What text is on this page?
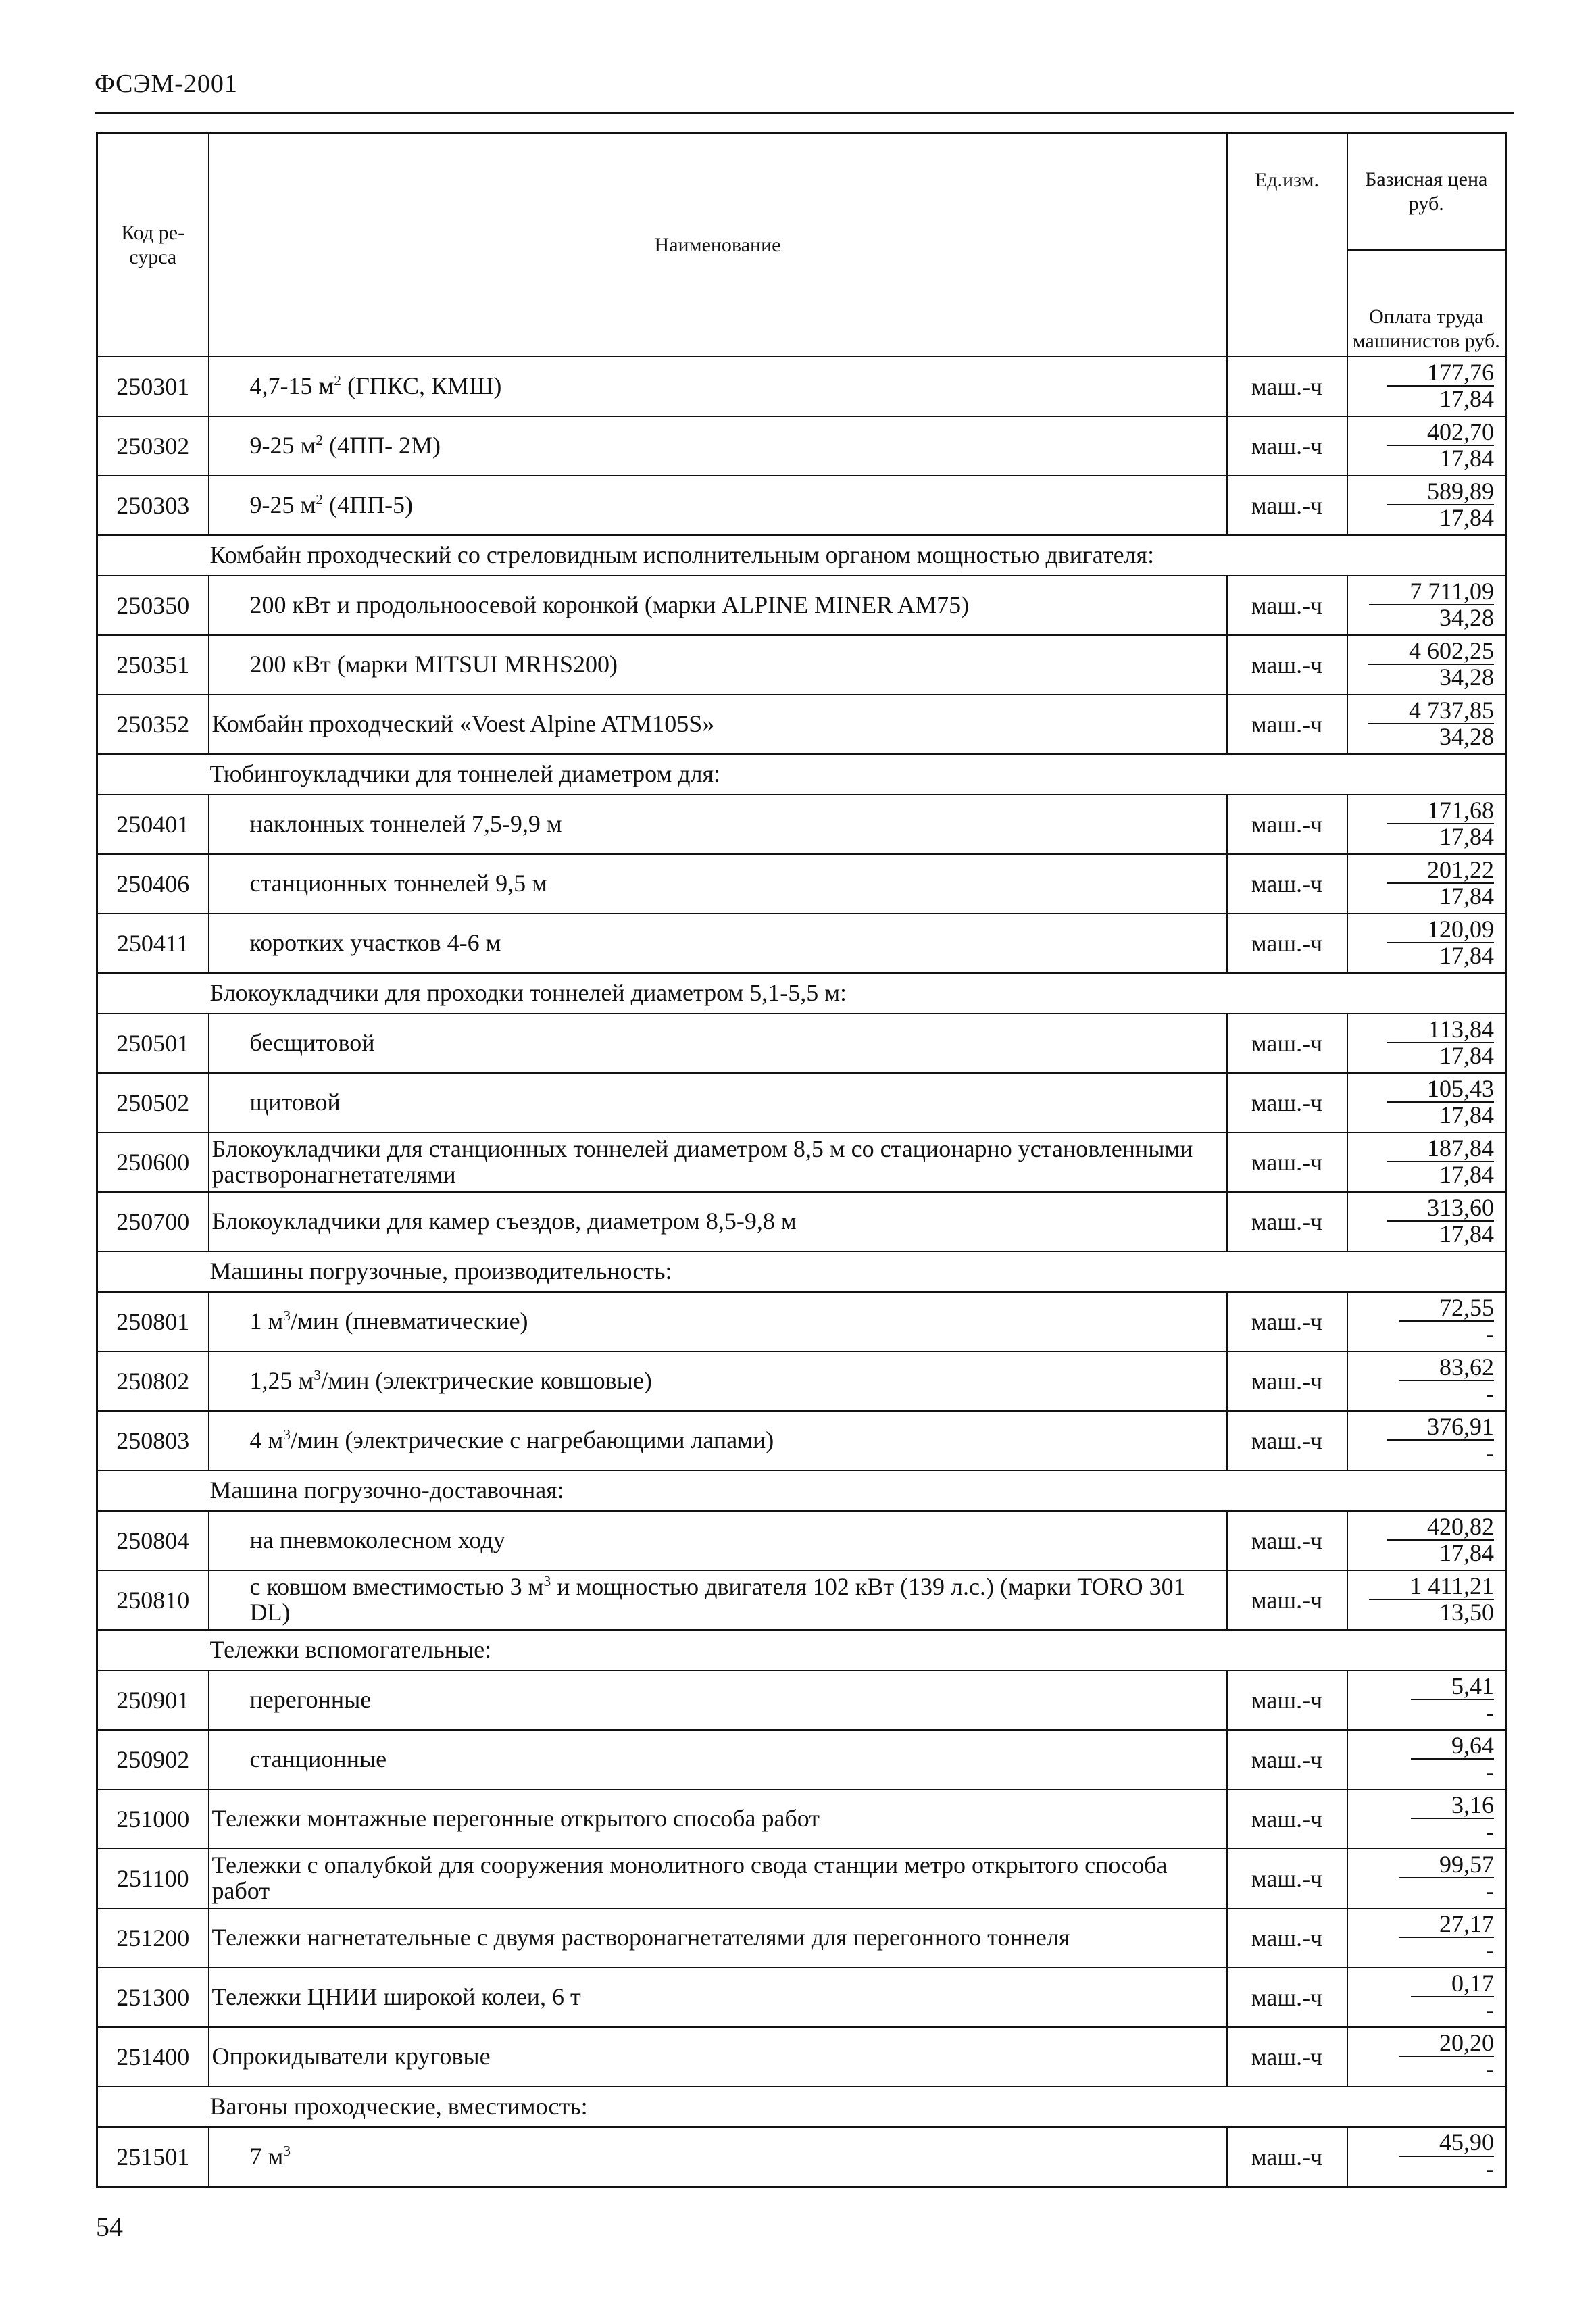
ФСЭМ-2001
Код ре-сурса	Наименование	Ед.изм.	Базисная цена руб.
Оплата труда машинистов руб.

250301	4,7-15 $м^2$ (ГПКС, КМШ)	маш.-ч	$\frac{177,76}{17,84}$

250302	9-25 $м^2$ (4ПП- 2М)	маш.-ч	$\frac{402,70}{17,84}$

250303	9-25 $м^2$ (4ПП-5)	маш.-ч	$\frac{589,89}{17,84}$

	Комбайн проходческий со стреловидным исполнительным органом мощностью двигателя:		
250350	200 кВт и продольноосевой коронкой (марки ALPINE MINER AM75)	маш.-ч	$\frac{7 711,09}{34,28}$

250351	200 кВт (марки MITSUI MRHS200)	маш.-ч	$\frac{4 602,25}{34,28}$

250352	Комбайн проходческий «Voest Alpine ATM105S»	маш.-ч	$\frac{4 737,85}{34,28}$

	Тюбингоукладчики для тоннелей диаметром для:		
250401	наклонных тоннелей 7,5-9,9 м	маш.-ч	$\frac{171,68}{17,84}$

250406	станционных тоннелей 9,5 м	маш.-ч	$\frac{201,22}{17,84}$

250411	коротких участков 4-6 м	маш.-ч	$\frac{120,09}{17,84}$

	Блокоукладчики для проходки тоннелей диаметром 5,1-5,5 м:		
250501	бесщитовой	маш.-ч	$\frac{113,84}{17,84}$

250502	щитовой	маш.-ч	$\frac{105,43}{17,84}$

250600	Блокоукладчики для станционных тоннелей диаметром 8,5 м со стационарно установленными растворонагнетателями	маш.-ч	$\frac{187,84}{17,84}$

250700	Блокоукладчики для камер съездов, диаметром 8,5-9,8 м	маш.-ч	$\frac{313,60}{17,84}$

	Машины погрузочные, производительность:		
250801	1 $м^3$/мин (пневматические)	маш.-ч	72,55
-

250802	1,25 $м^3$/мин (электрические ковшовые)	маш.-ч	83,62
-

250803	4 $м^3$/мин (электрические с нагребающими лапами)	маш.-ч	376,91
-

	Машина погрузочно-доставочная:		
250804	на пневмоколесном ходу	маш.-ч	$\frac{420,82}{17,84}$

250810	с ковшом вместимостью 3 $м^3$ и мощностью двигателя 102 кВт (139 л.с.) (марки TORO 301 DL)	маш.-ч	$\frac{1 411,21}{13,50}$

	Тележки вспомогательные:		
250901	перегонные	маш.-ч	5,41
-

250902	станционные	маш.-ч	9,64
-

251000	Тележки монтажные перегонные открытого способа работ	маш.-ч	3,16
-

251100	Тележки с опалубкой для сооружения монолитного свода станции метро открытого способа работ	маш.-ч	99,57
-

251200	Тележки нагнетательные с двумя растворонагнетателями для перегонного тоннеля	маш.-ч	27,17
-

251300	Тележки ЦНИИ широкой колеи, 6 т	маш.-ч	0,17
-

251400	Опрокидыватели круговые	маш.-ч	20,20
-

	Вагоны проходческие, вместимость:		
251501	7 $м^3$	маш.-ч	45,90
-
54
